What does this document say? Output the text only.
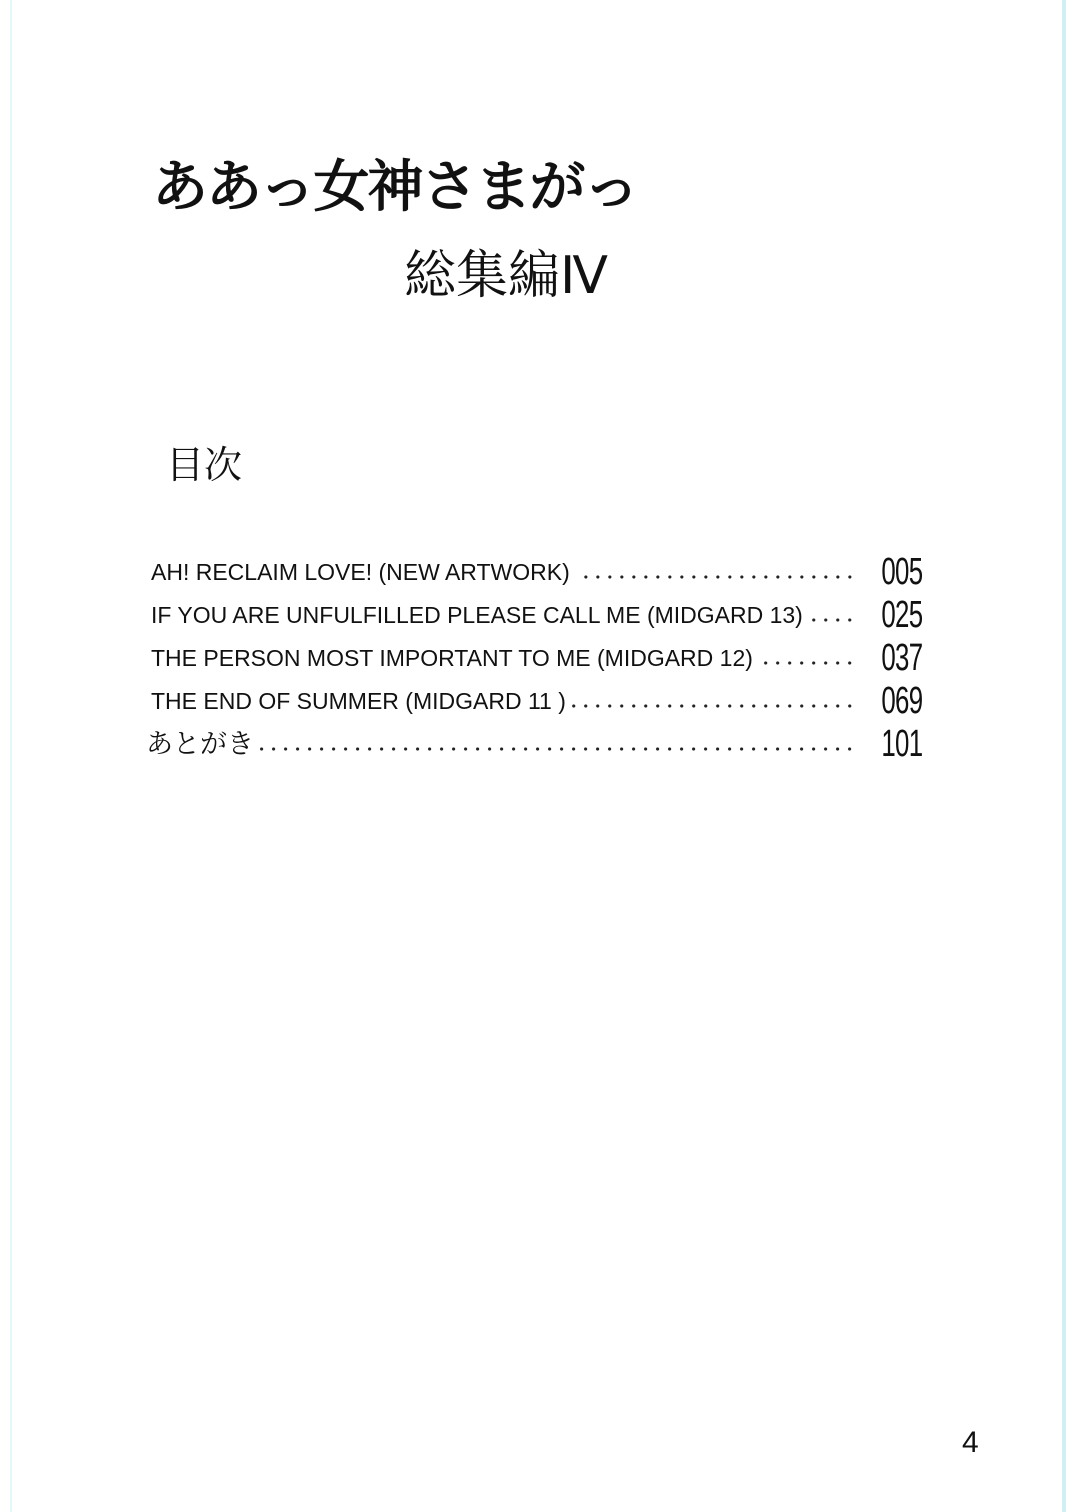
ああっ女神さまがっ
総集編Ⅳ
目次
AH! RECLAIM LOVE! (NEW ARTWORK)	005
IF YOU ARE UNFULFILLED PLEASE CALL ME (MIDGARD 13) 025
THE PERSON MOST IMPORTANT TO ME (MIDGARD 12)	037
THE END OF SUMMER (MIDGARD 11 )	069
あとがき	101
4
